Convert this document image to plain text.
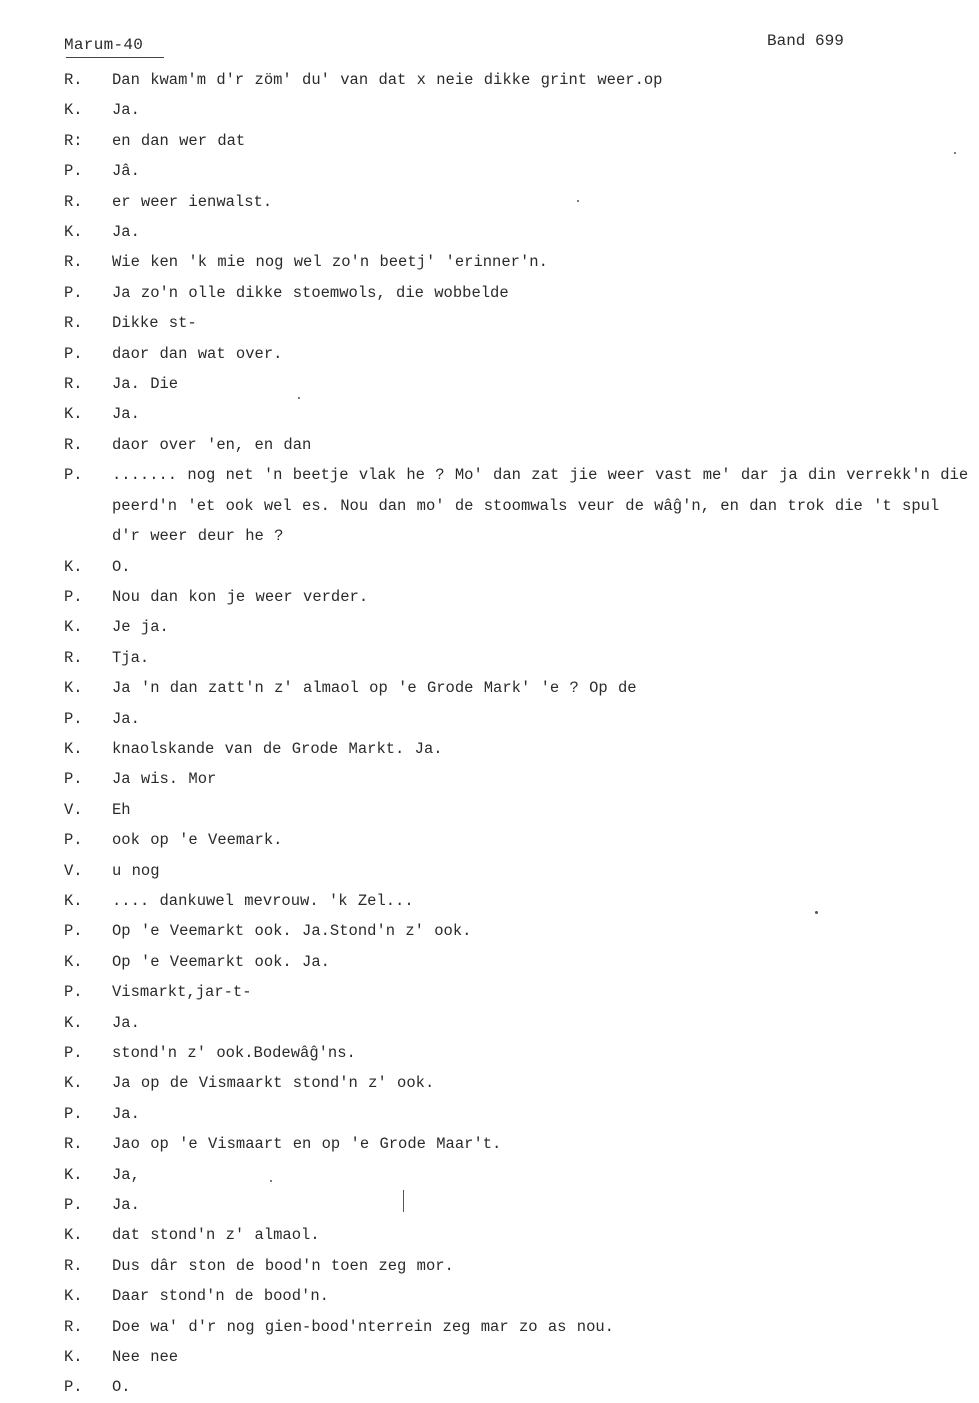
Marum-40	Band 699
R.	Dan kwam'm d'r zöm' du' van dat x neie dikke grint weer.op
K.	Ja.
R:	en dan wer dat
P.	Jâ.
R.	er weer ienwalst.
K.	Ja.
R.	Wie ken 'k mie nog wel zo'n beetj' 'erinner'n.
P.	Ja zo'n olle dikke stoemwols, die wobbelde
R.	Dikke st-
P.	daor dan wat over.
R.	Ja. Die
K.	Ja.
R.	daor over 'en, en dan
P.	....... nog net 'n beetje vlak he ? Mo' dan zat jie weer vast me' dar ja din verrekk'n die peerd'n 'et ook wel es. Nou dan mo' de stoomwals veur de wâĝ'n, en dan trok die 't spul d'r weer deur he ?
K.	O.
P.	Nou dan kon je weer verder.
K.	Je ja.
R.	Tja.
K.	Ja 'n dan zatt'n z' almaol op 'e Grode Mark' 'e ? Op de
P.	Ja.
K.	knaolskande van de Grode Markt. Ja.
P.	Ja wis. Mor
V.	Eh
P.	ook op 'e Veemark.
V.	u nog
K.	.... dankuwel mevrouw. 'k Zel...
P.	Op 'e Veemarkt ook. Ja.Stond'n z' ook.
K.	Op 'e Veemarkt ook. Ja.
P.	Vismarkt,jar-t-
K.	Ja.
P.	stond'n z' ook.Bodewâĝ'ns.
K.	Ja op de Vismaarkt stond'n z' ook.
P.	Ja.
R.	Jao op 'e Vismaart en op 'e Grode Maar't.
K.	Ja,
P.	Ja.
K.	dat stond'n z' almaol.
R.	Dus dâr ston de bood'n toen zeg mor.
K.	Daar stond'n de bood'n.
R.	Doe wa' d'r nog gien-bood'nterrein zeg mar zo as nou.
K.	Nee nee
P.	O.
